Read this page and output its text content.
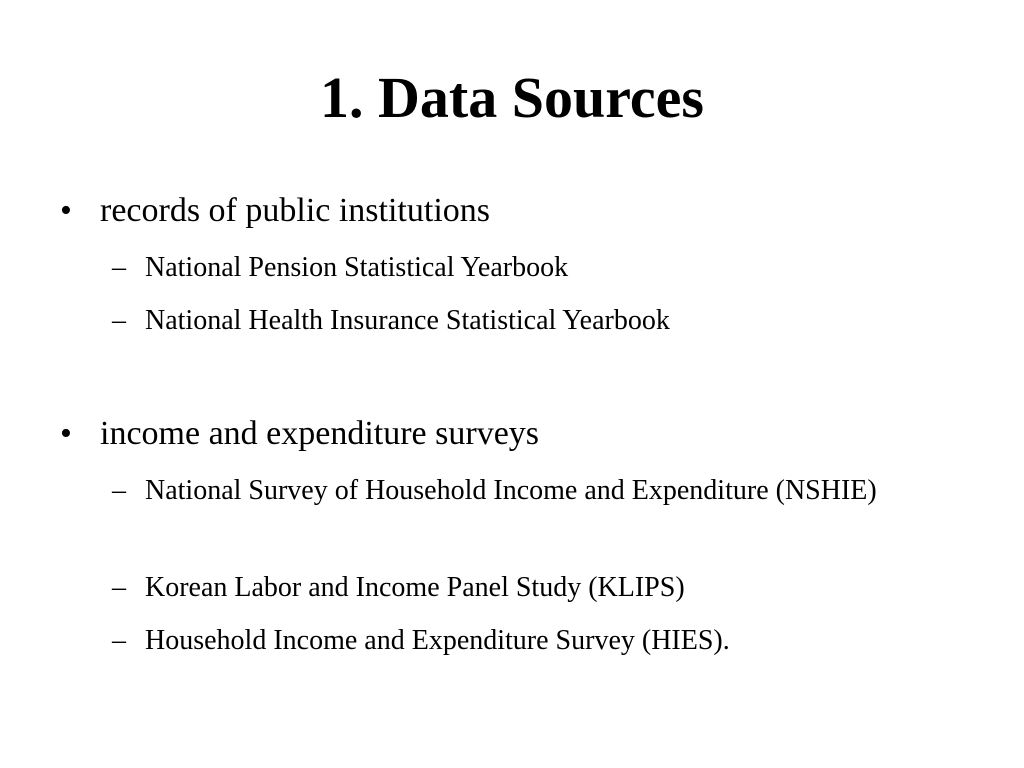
1. Data Sources
• records of public institutions
– National Pension Statistical Yearbook
– National Health Insurance Statistical Yearbook
• income and expenditure surveys
– National Survey of Household Income and Expenditure (NSHIE)
– Korean Labor and Income Panel Study (KLIPS)
– Household Income and Expenditure Survey (HIES).
